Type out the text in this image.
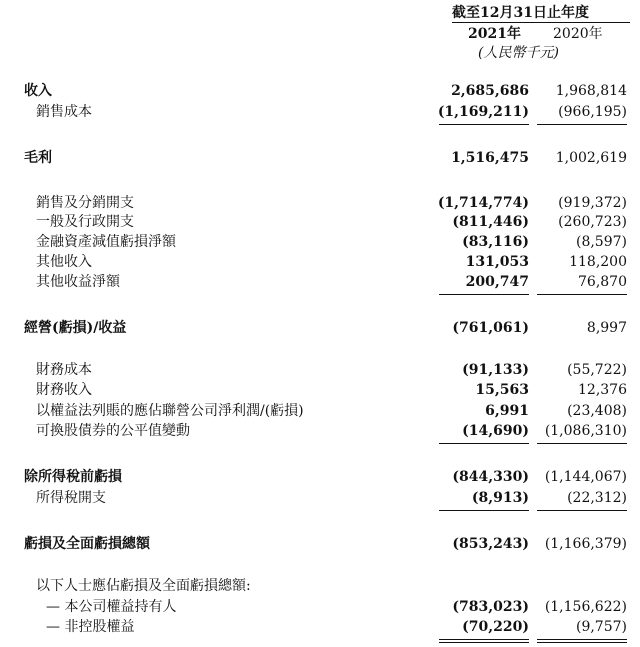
截至12月31日止年度
2021年 2020年
(人民幣千元)
收入	2,685,686 1,968,814
銷售成本	(1,169,211) (966,195)
毛利	1,516,475 1,002,619
銷售及分銷開支	(1,714,774) (919,372)
一般及行政開支	(811,446) (260,723)
金融資產減值虧損淨額	(83,116)	(8,597)
其他收入	131,053	118,200
其他收益淨額	200,747	76,870
經營(虧損)/收益	(761,061)	8,997
財務成本	(91,133)	(55,722)
財務收入	15,563	12,376
以權益法列賬的應佔聯營公司淨利潤/(虧損)	6,991	(23,408)
可換股債券的公平值變動	(14,690) (1,086,310)
除所得稅前虧損	(844,330) (1,144,067)
所得稅開支	(8,913)	(22,312)
虧損及全面虧損總額	(853,243) (1,166,379)
以下人士應佔虧損及全面虧損總額:
— 本公司權益持有人	(783,023) (1,156,622)
— 非控股權益	(70,220)	(9,757)
